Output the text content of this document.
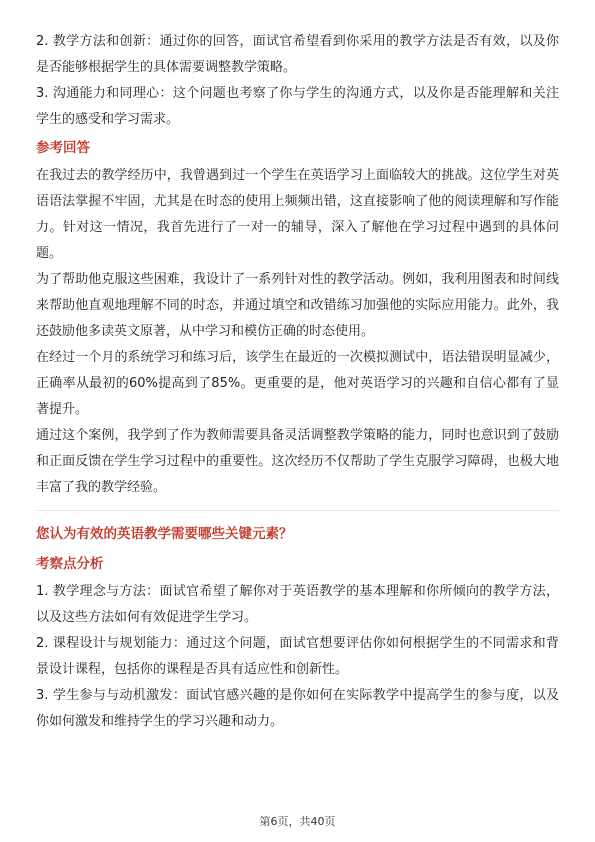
2. 教学方法和创新：通过你的回答，面试官希望看到你采用的教学方法是否有效，以及你是否能够根据学生的具体需要调整教学策略。

3. 沟通能力和同理心：这个问题也考察了你与学生的沟通方式，以及你是否能理解和关注学生的感受和学习需求。

参考回答

在我过去的教学经历中，我曾遇到过一个学生在英语学习上面临较大的挑战。这位学生对英语语法掌握不牢固，尤其是在时态的使用上频频出错，这直接影响了他的阅读理解和写作能力。针对这一情况，我首先进行了一对一的辅导，深入了解他在学习过程中遇到的具体问题。

为了帮助他克服这些困难，我设计了一系列针对性的教学活动。例如，我利用图表和时间线来帮助他直观地理解不同的时态，并通过填空和改错练习加强他的实际应用能力。此外，我还鼓励他多读英文原著，从中学习和模仿正确的时态使用。

在经过一个月的系统学习和练习后，该学生在最近的一次模拟测试中，语法错误明显减少，正确率从最初的60%提高到了85%。更重要的是，他对英语学习的兴趣和自信心都有了显著提升。

通过这个案例，我学到了作为教师需要具备灵活调整教学策略的能力，同时也意识到了鼓励和正面反馈在学生学习过程中的重要性。这次经历不仅帮助了学生克服学习障碍，也极大地丰富了我的教学经验。

您认为有效的英语教学需要哪些关键元素？
考察点分析

1. 教学理念与方法：面试官希望了解你对于英语教学的基本理解和你所倾向的教学方法，以及这些方法如何有效促进学生学习。

2. 课程设计与规划能力：通过这个问题，面试官想要评估你如何根据学生的不同需求和背景设计课程，包括你的课程是否具有适应性和创新性。

3. 学生参与与动机激发：面试官感兴趣的是你如何在实际教学中提高学生的参与度，以及你如何激发和维持学生的学习兴趣和动力。

第6页，共40页
